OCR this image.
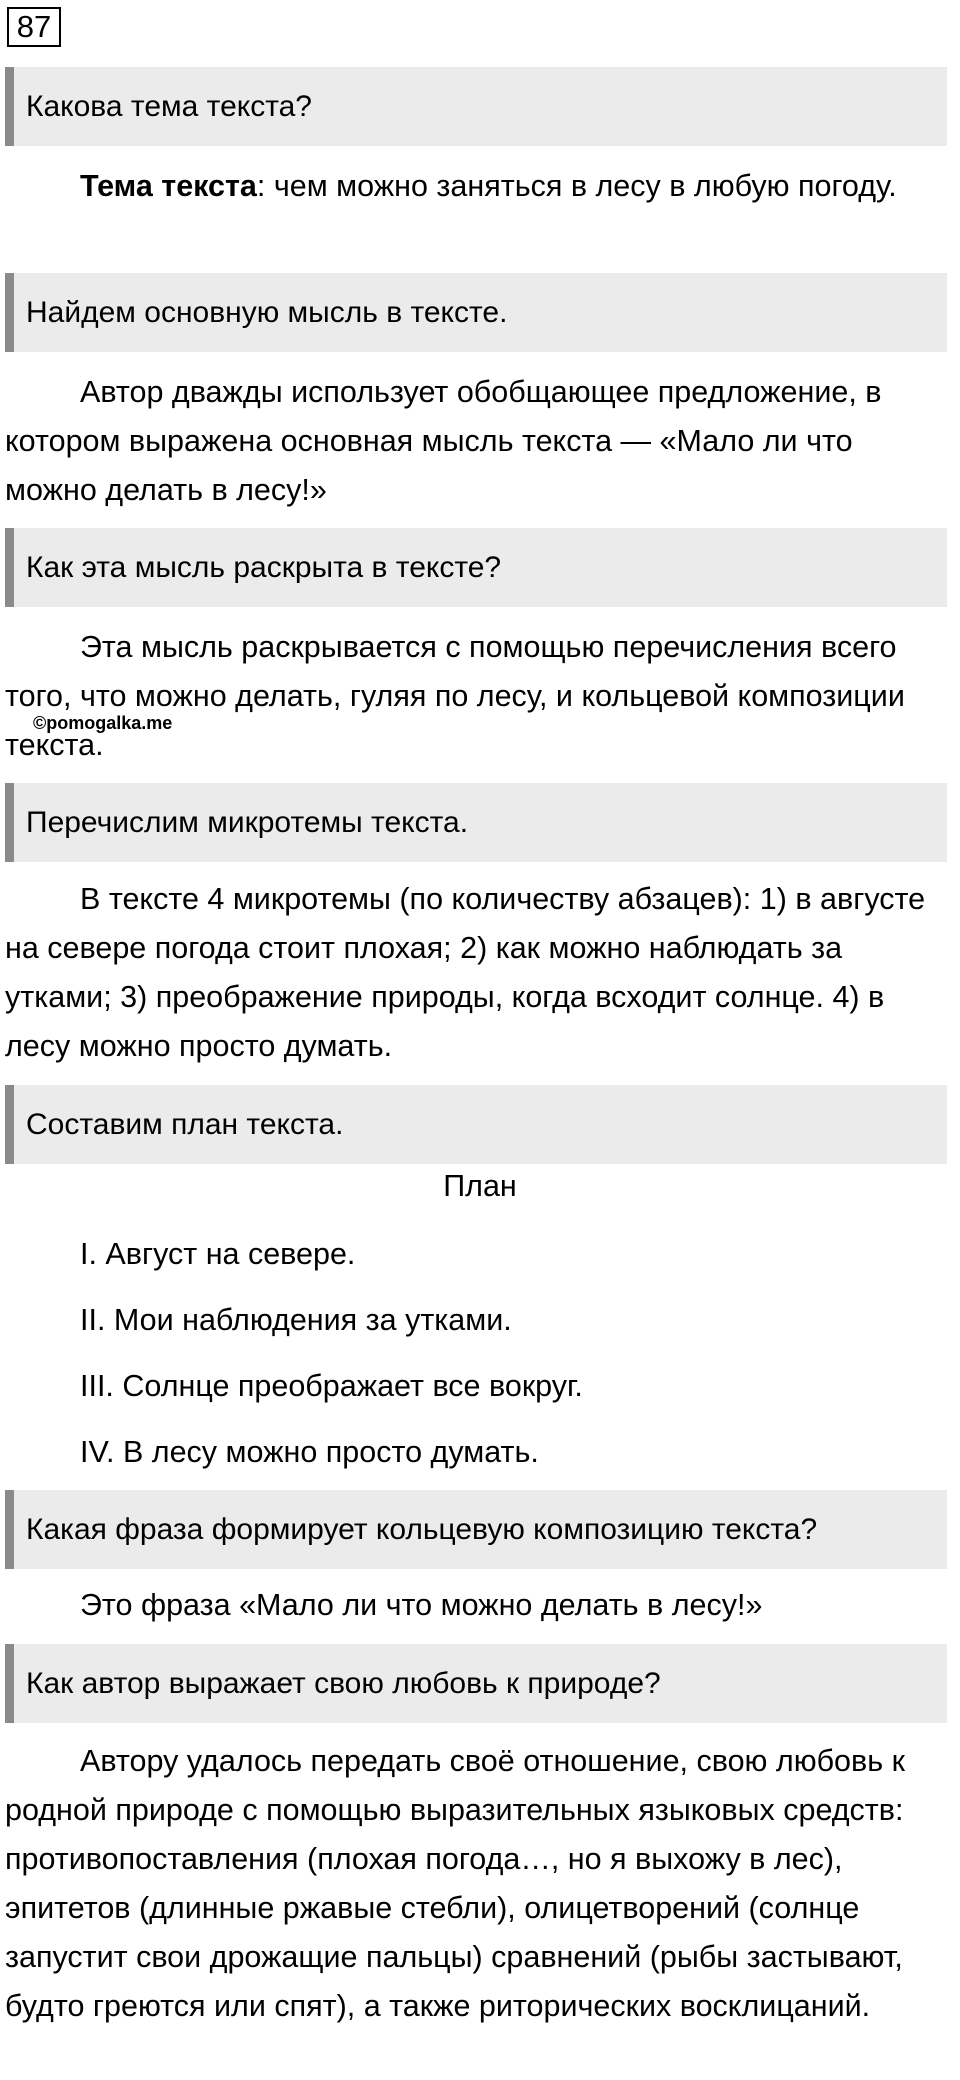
87
Какова тема текста?

Тема текста: чем можно заняться в лесу в любую погоду.

Найдем основную мысль в тексте.

Автор дважды использует обобщающее предложение, в котором выражена основная мысль текста — «Мало ли что можно делать в лесу!»

Как эта мысль раскрыта в тексте?

Эта мысль раскрывается с помощью перечисления всего того, что можно делать, гуляя по лесу, и кольцевой композиции текста.

©pomogalka.me
Перечислим микротемы текста.

В тексте 4 микротемы (по количеству абзацев): 1) в августе на севере погода стоит плохая; 2) как можно наблюдать за утками; 3) преображение природы, когда всходит солнце. 4) в лесу можно просто думать.

Составим план текста.
План
I. Август на севере.
II. Мои наблюдения за утками.
III. Солнце преображает все вокруг.
IV. В лесу можно просто думать.
Какая фраза формирует кольцевую композицию текста?

Это фраза «Мало ли что можно делать в лесу!»

Как автор выражает свою любовь к природе?

Автору удалось передать своё отношение, свою любовь к родной природе с помощью выразительных языковых средств: противопоставления (плохая погода…, но я выхожу в лес), эпитетов (длинные ржавые стебли), олицетворений (солнце запустит свои дрожащие пальцы) сравнений (рыбы застывают, будто греются или спят), а также риторических восклицаний.
